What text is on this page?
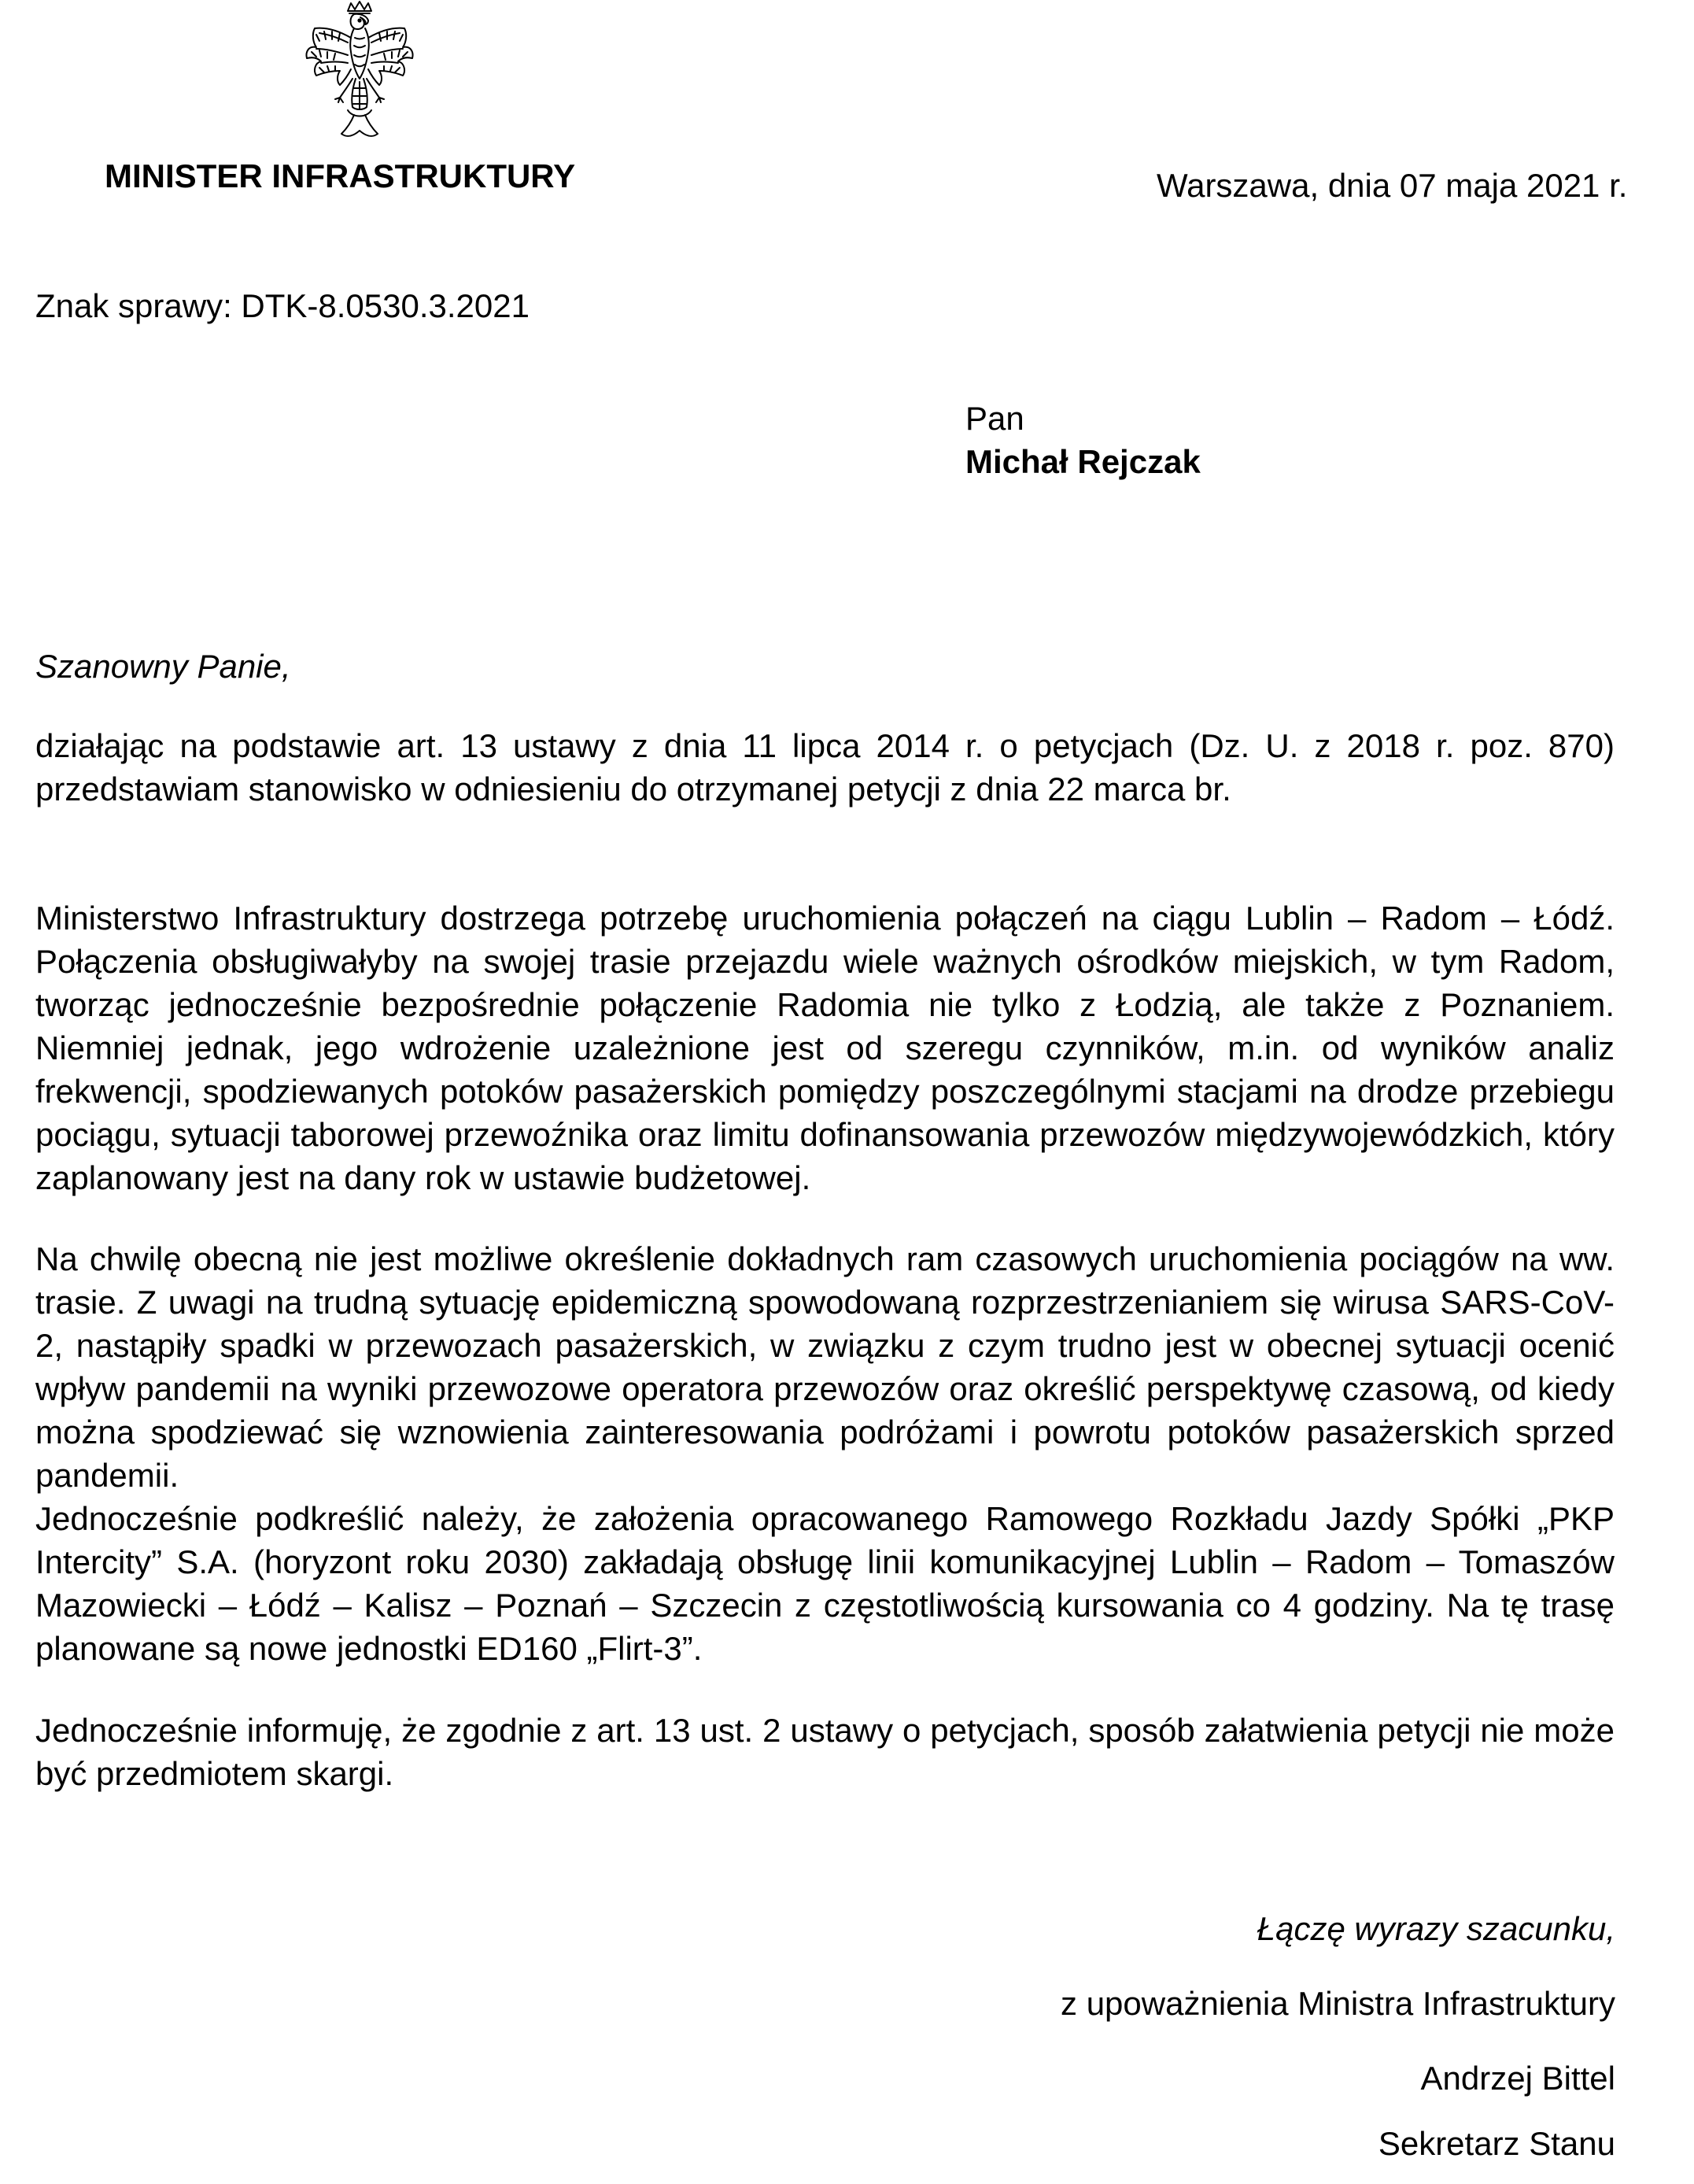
MINISTER INFRASTRUKTURY	Warszawa, dnia 07 maja 2021 r.
Znak sprawy: DTK-8.0530.3.2021
Pan
Michał Rejczak
Szanowny Panie,
działając na podstawie art. 13 ustawy z dnia 11 lipca 2014 r. o petycjach (Dz. U. z 2018 r. poz. 870) przedstawiam stanowisko w odniesieniu do otrzymanej petycji z dnia 22 marca br.
Ministerstwo Infrastruktury dostrzega potrzebę uruchomienia połączeń na ciągu Lublin – Radom – Łódź. Połączenia obsługiwałyby na swojej trasie przejazdu wiele ważnych ośrodków miejskich, w tym Radom, tworząc jednocześnie bezpośrednie połączenie Radomia nie tylko z Łodzią, ale także z Poznaniem. Niemniej jednak, jego wdrożenie uzależnione jest od szeregu czynników, m.in. od wyników analiz frekwencji, spodziewanych potoków pasażerskich pomiędzy poszczególnymi stacjami na drodze przebiegu pociągu, sytuacji taborowej przewoźnika oraz limitu dofinansowania przewozów międzywojewódzkich, który zaplanowany jest na dany rok w ustawie budżetowej.
Na chwilę obecną nie jest możliwe określenie dokładnych ram czasowych uruchomienia pociągów na ww. trasie. Z uwagi na trudną sytuację epidemiczną spowodowaną rozprzestrzenianiem się wirusa SARS-CoV-2, nastąpiły spadki w przewozach pasażerskich, w związku z czym trudno jest w obecnej sytuacji ocenić wpływ pandemii na wyniki przewozowe operatora przewozów oraz określić perspektywę czasową, od kiedy można spodziewać się wznowienia zainteresowania podróżami i powrotu potoków pasażerskich sprzed pandemii.
Jednocześnie podkreślić należy, że założenia opracowanego Ramowego Rozkładu Jazdy Spółki „PKP Intercity” S.A. (horyzont roku 2030) zakładają obsługę linii komunikacyjnej Lublin – Radom – Tomaszów Mazowiecki – Łódź – Kalisz – Poznań – Szczecin z częstotliwością kursowania co 4 godziny. Na tę trasę planowane są nowe jednostki ED160 „Flirt-3”.
Jednocześnie informuję, że zgodnie z art. 13 ust. 2 ustawy o petycjach, sposób załatwienia petycji nie może być przedmiotem skargi.
Łączę wyrazy szacunku,
z upoważnienia Ministra Infrastruktury
Andrzej Bittel
Sekretarz Stanu
